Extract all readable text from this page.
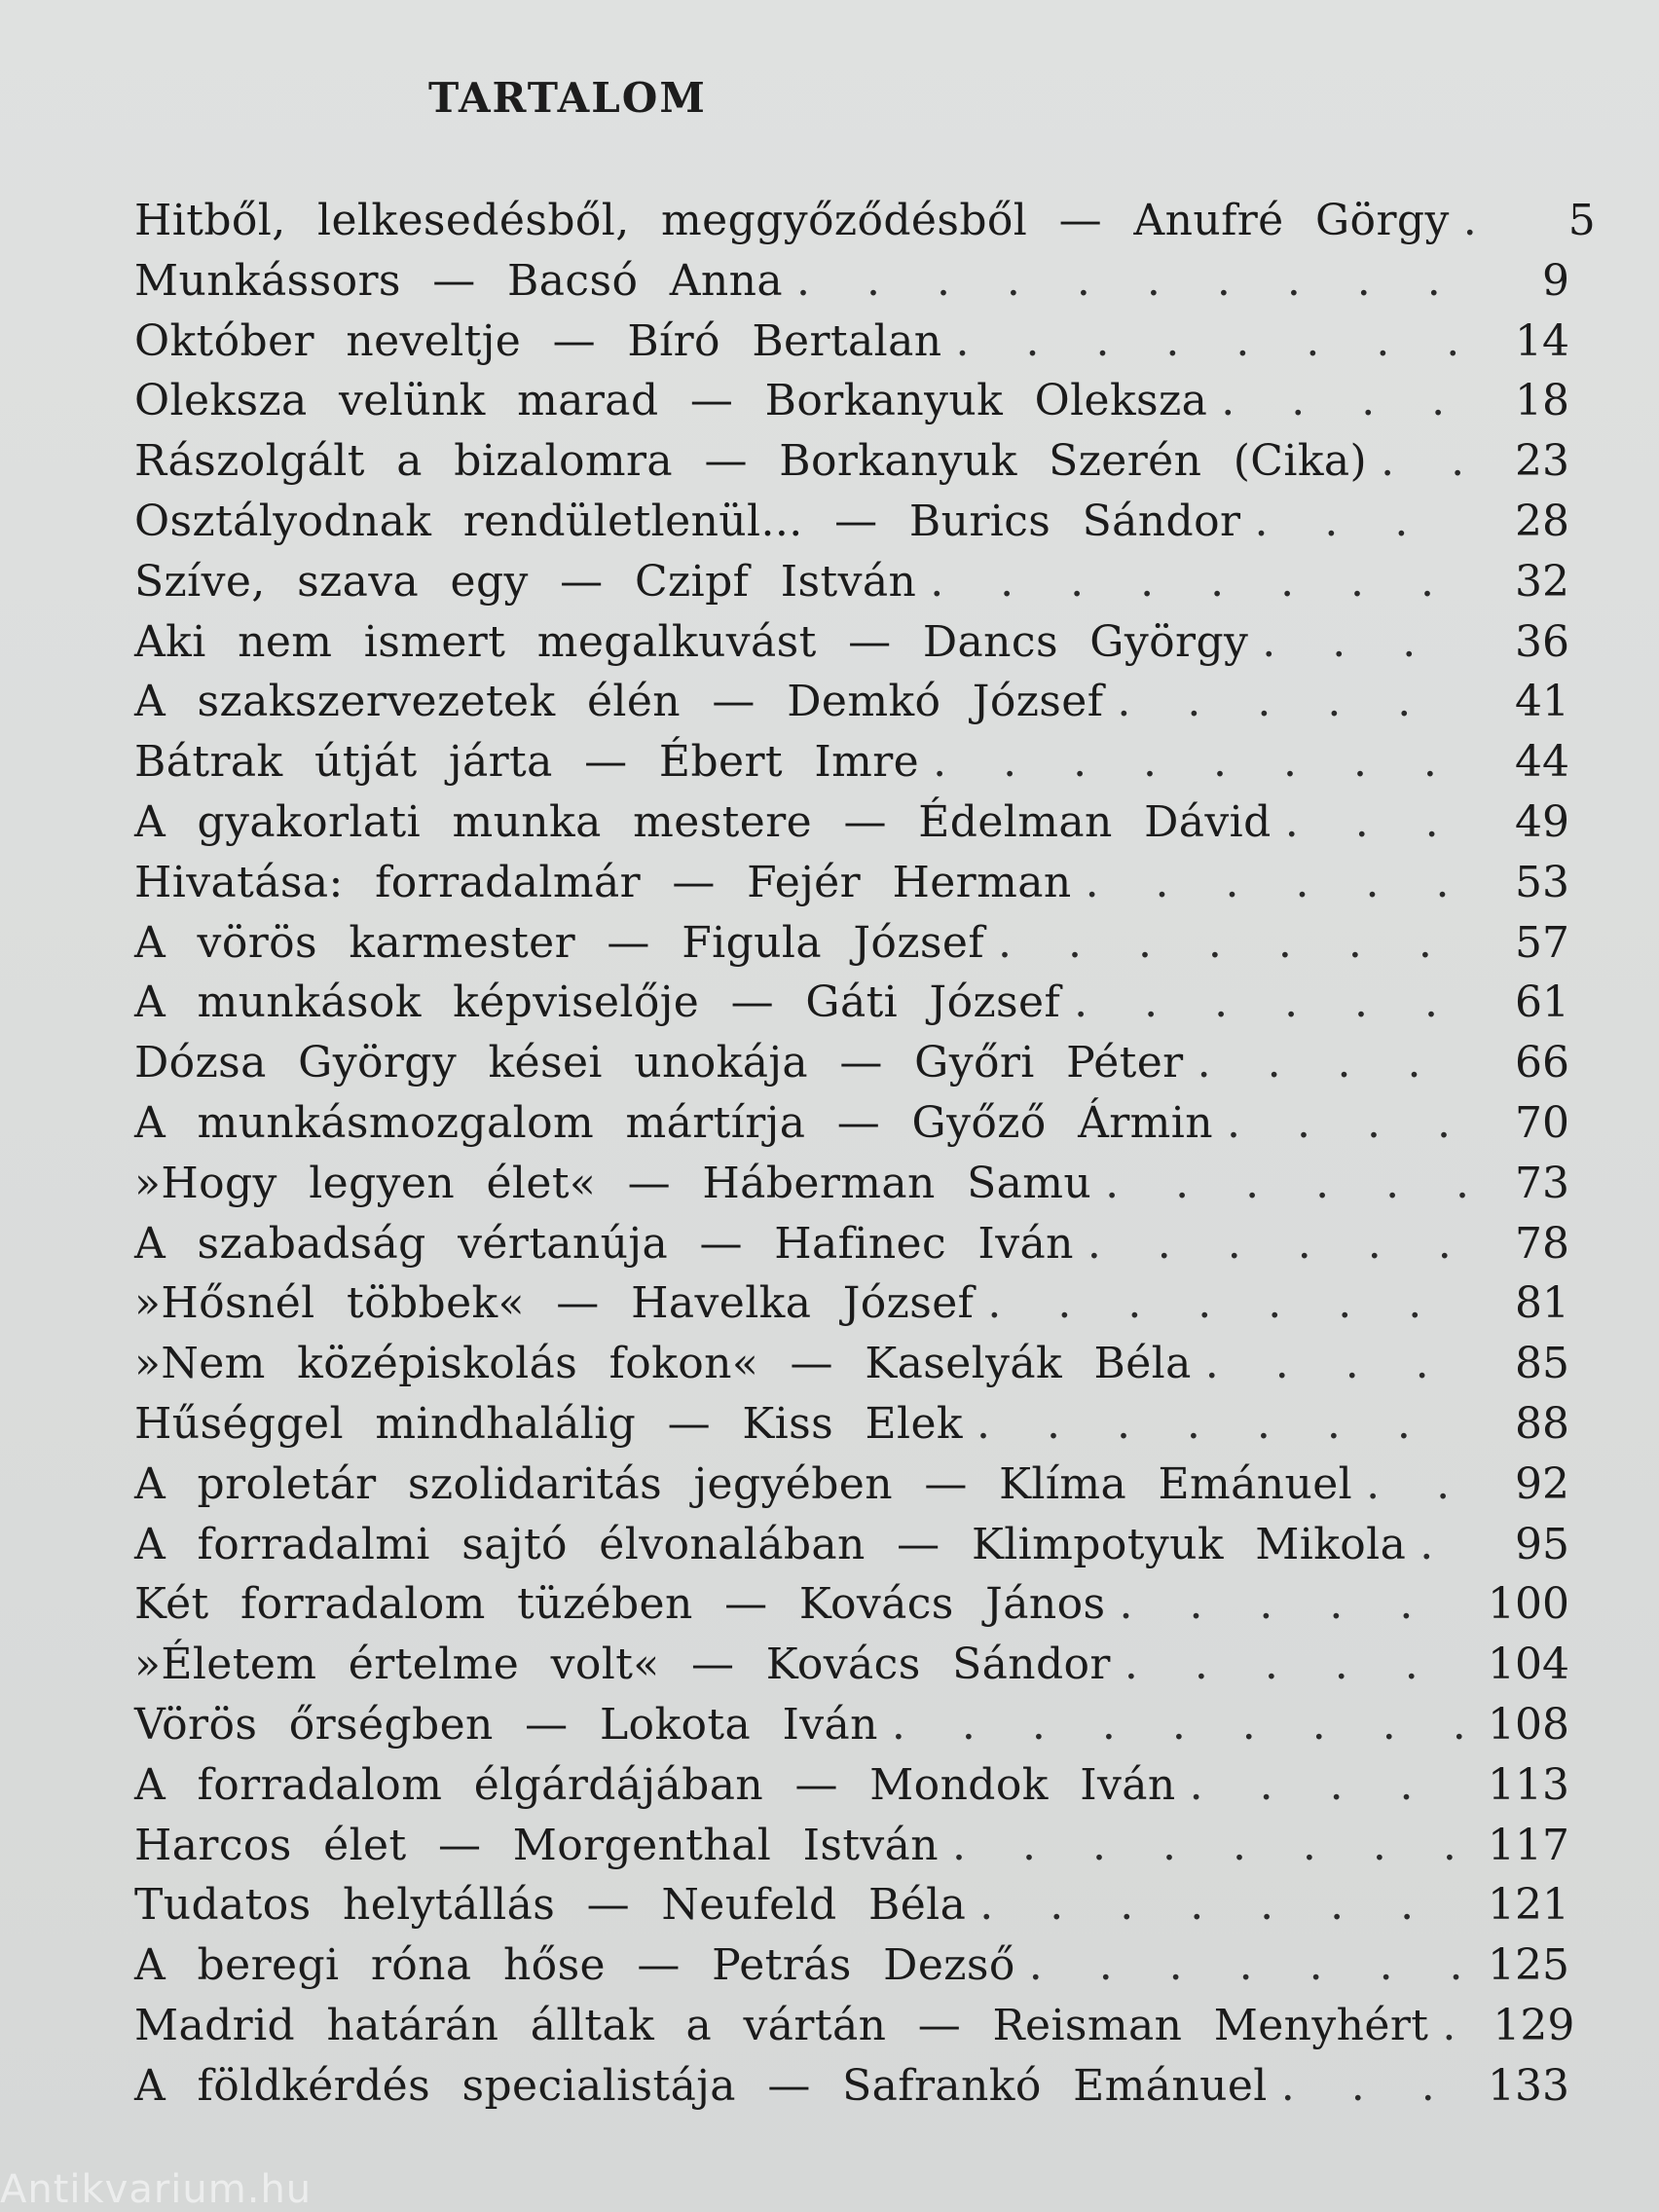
TARTALOM
Hitből, lelkesedésből, meggyőződésből — Anufré Görgy . . .	5
Munkássors — Bacsó Anna . . .	9
Október neveltje — Bíró Bertalan . . .	14
Oleksza velünk marad — Borkanyuk Oleksza . . .	18
Rászolgált a bizalomra — Borkanyuk Szerén (Cika) . . .	23
Osztályodnak rendületlenül... — Burics Sándor . . .	28
Szíve, szava egy — Czipf István . . .	32
Aki nem ismert megalkuvást — Dancs György . . .	36
A szakszervezetek élén — Demkó József . . .	41
Bátrak útját járta — Ébert Imre . . .	44
A gyakorlati munka mestere — Édelman Dávid . . .	49
Hivatása: forradalmár — Fejér Herman . . .	53
A vörös karmester — Figula József . . .	57
A munkások képviselője — Gáti József . . .	61
Dózsa György kései unokája — Győri Péter . . .	66
A munkásmozgalom mártírja — Győző Ármin . . .	70
»Hogy legyen élet« — Háberman Samu . . .	73
A szabadság vértanúja — Hafinec Iván . . .	78
»Hősnél többek« — Havelka József . . .	81
»Nem középiskolás fokon« — Kaselyák Béla . . .	85
Hűséggel mindhalálig — Kiss Elek . . .	88
A proletár szolidaritás jegyében — Klíma Emánuel . . .	92
A forradalmi sajtó élvonalában — Klimpotyuk Mikola . . .	95
Két forradalom tüzében — Kovács János . . .	100
»Életem értelme volt« — Kovács Sándor . . .	104
Vörös őrségben — Lokota Iván . . .	108
A forradalom élgárdájában — Mondok Iván . . .	113
Harcos élet — Morgenthal István . . .	117
Tudatos helytállás — Neufeld Béla . . .	121
A beregi róna hőse — Petrás Dezső . . .	125
Madrid határán álltak a vártán — Reisman Menyhért . . . 129
A földkérdés specialistája — Safrankó Emánuel . . .	133
Antikvarium.hu
